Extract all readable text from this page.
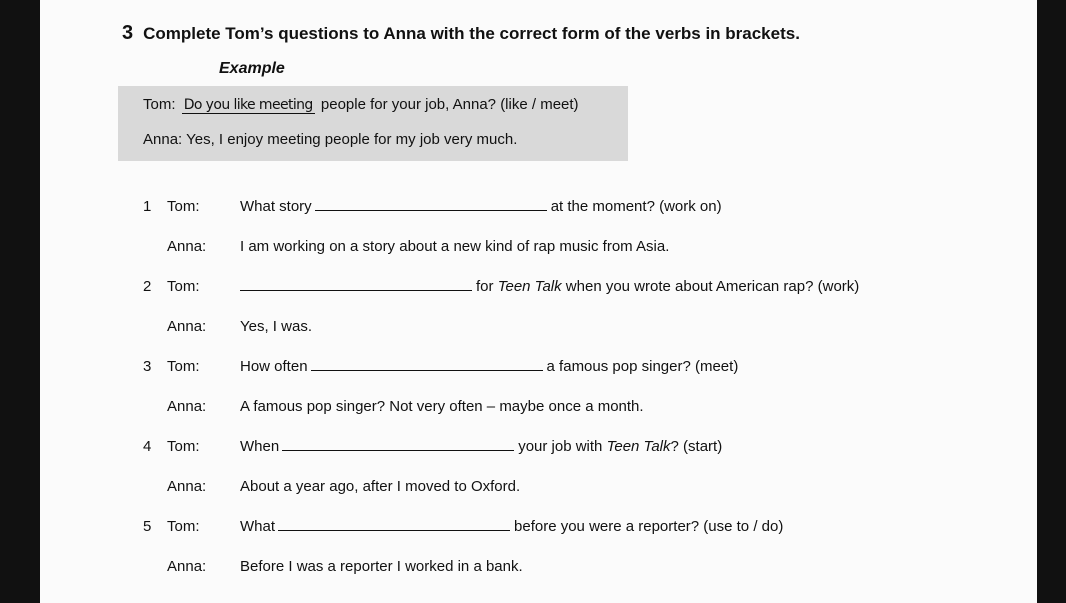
3 Complete Tom’s questions to Anna with the correct form of the verbs in brackets.
Example
Tom: Do you like meeting people for your job, Anna? (like / meet)
Anna: Yes, I enjoy meeting people for my job very much.
1 Tom:	What story	at the moment? (work on)
Anna: I am working on a story about a new kind of rap music from Asia.
2 Tom:	for Teen Talk when you wrote about American rap? (work)
Anna: Yes, I was.
3 Tom:	How often	a famous pop singer? (meet)
Anna: A famous pop singer? Not very often – maybe once a month.
4 Tom:	When	your job with Teen Talk? (start)
Anna: About a year ago, after I moved to Oxford.
5 Tom:	What	before you were a reporter? (use to / do)
Anna: Before I was a reporter I worked in a bank.
